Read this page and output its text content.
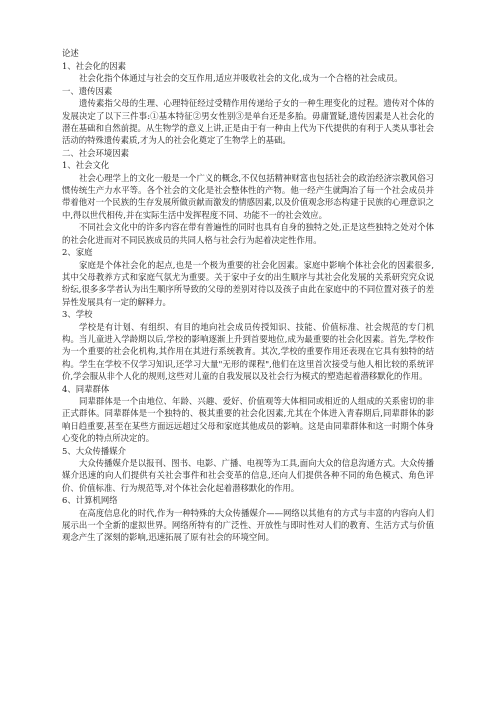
论述
1、社会化的因素
社会化指个体通过与社会的交互作用,适应并吸收社会的文化,成为一个合格的社会成员。
一、遗传因素
遗传素指父母的生理、心理特征经过受精作用传递给子女的一种生理变化的过程。遗传对个体的发展决定了以下三件事:①基本特征②男女性别③是单台还是多胎。毋庸置疑,遗传因素是人社会化的潜在基础和自然前提。从生物学的意义上讲,正是由于有一种由上代为下代提供的有利于人类从事社会活动的特殊遗传素质,才为人的社会化奠定了生物学上的基础。
二、社会环境因素
1、社会文化
社会心理学上的文化一般是一个广义的概念,不仅包括精神财富也包括社会的政治经济宗教风俗习惯传统生产力水平等。各个社会的文化是社会整体性的产物。他一经产生就陶冶了每一个社会成员并带着他对一个民族的生存发展所做贡献而激发的情感因素,以及价值观念形态构建于民族的心理意识之中,得以世代相传,并在实际生活中发挥程度不同、功能不一的社会效应。
不同社会文化中的许多内容在带有普遍性的同时也具有自身的独特之处,正是这些独特之处对个体的社会化进而对不同民族成员的共同人格与社会行为起着决定性作用。
2、家庭
家庭是个体社会化的起点,也是一个极为重要的社会化因素。家庭中影响个体社会化的因素很多,其中父母教养方式和家庭气氛尤为重要。关于家中子女的出生顺序与其社会化发展的关系研究究众说纷纭,很多多学者认为出生顺序所导致的父母的差别对待以及孩子由此在家庭中的不同位置对孩子的差异性发展具有一定的解释力。
3、学校
学校是有计划、有组织、有目的地向社会成员传授知识、技能、价值标准、社会规范的专门机构。当儿童进入学龄期以后,学校的影响逐渐上升到首要地位,成为最重要的社会化因素。首先,学校作为一个重要的社会化机构,其作用在其进行系统教育。其次,学校的重要作用还表现在它具有独特的结构。学生在学校不仅学习知识,还学习大量"无形的课程",他们在这里首次接受与他人相比较的系统评价,学会服从非个人化的规则,这些对儿童的自我发展以及社会行为模式的塑造起着潜移默化的作用。
4、同辈群体
同辈群体是一个由地位、年龄、兴趣、爱好、价值观等大体相同或相近的人组成的关系密切的非正式群体。同辈群体是一个独特的、极其重要的社会化因素,尤其在个体进入青春期后,同辈群体的影响日趋重要,甚至在某些方面远远超过父母和家庭其他成员的影响。这是由同辈群体和这一时期个体身心变化的特点所决定的。
5、大众传播媒介
大众传播媒介是以报刊、图书、电影、广播、电视等为工具,面向大众的信息沟通方式。大众传播媒介迅速的向人们提供有关社会事件和社会变革的信息,还向人们提供各种不同的角色模式、角色评价、价值标准、行为规范等,对个体社会化起着潜移默化的作用。
6、计算机网络
在高度信息化的时代,作为一种特殊的大众传播媒介——网络以其他有的方式与丰富的内容向人们展示出一个全新的虚拟世界。网络所特有的广泛性、开放性与即时性对人们的教育、生活方式与价值观念产生了深刻的影响,迅速拓展了原有社会的环境空间。
